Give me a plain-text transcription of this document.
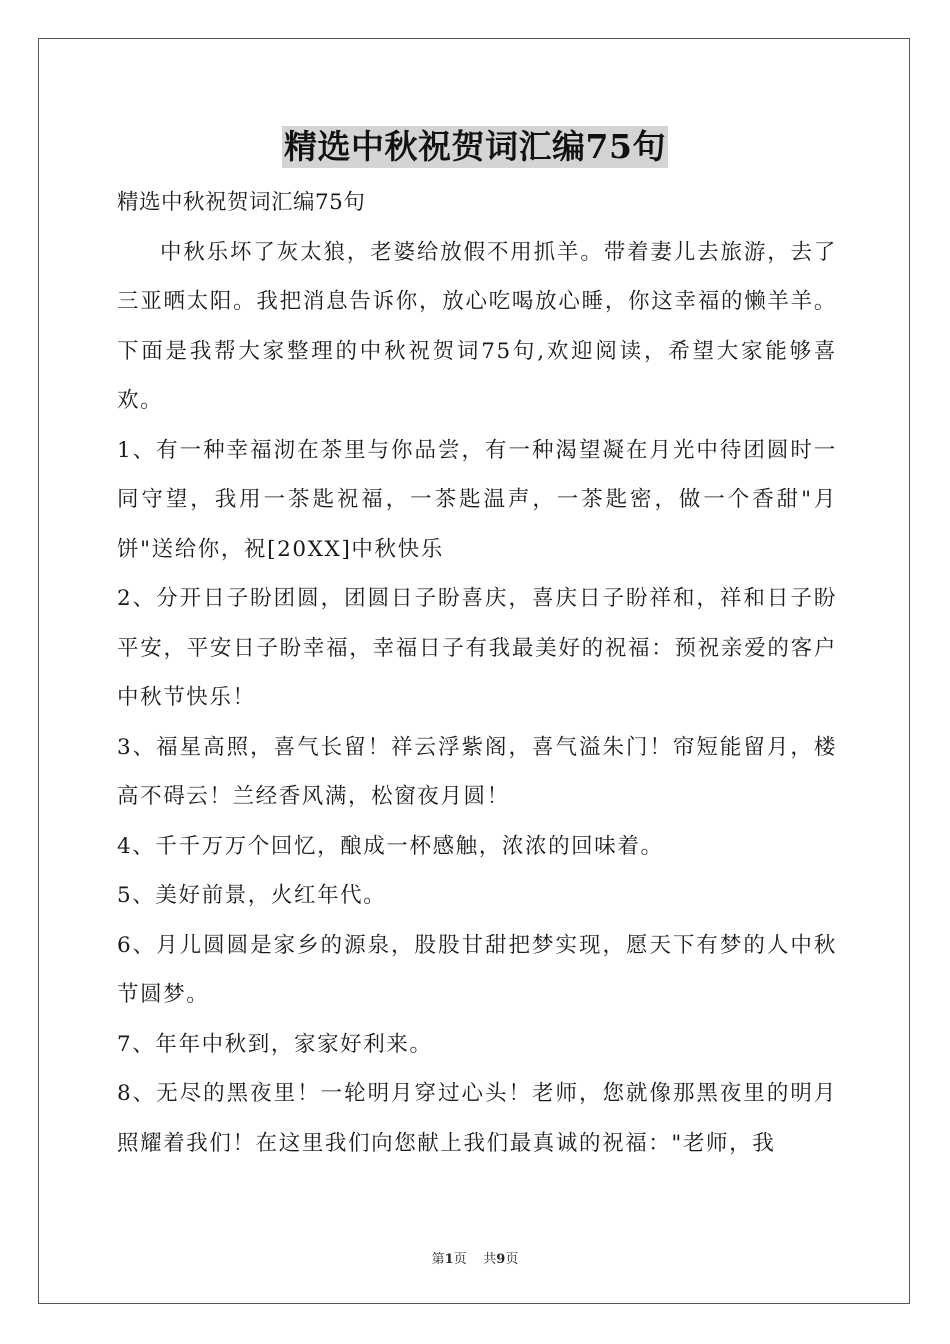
精选中秋祝贺词汇编75句

精选中秋祝贺词汇编75句

中秋乐坏了灰太狼，老婆给放假不用抓羊。带着妻儿去旅游，去了三亚晒太阳。我把消息告诉你，放心吃喝放心睡，你这幸福的懒羊羊。下面是我帮大家整理的中秋祝贺词75句,欢迎阅读，希望大家能够喜欢。

1、有一种幸福沏在茶里与你品尝，有一种渴望凝在月光中待团圆时一同守望，我用一茶匙祝福，一茶匙温声，一茶匙密，做一个香甜"月饼"送给你，祝[20XX]中秋快乐

2、分开日子盼团圆，团圆日子盼喜庆，喜庆日子盼祥和，祥和日子盼平安，平安日子盼幸福，幸福日子有我最美好的祝福：预祝亲爱的客户中秋节快乐！

3、福星高照，喜气长留！祥云浮紫阁，喜气溢朱门！帘短能留月，楼高不碍云！兰经香风满，松窗夜月圆！

4、千千万万个回忆，酿成一杯感触，浓浓的回味着。

5、美好前景，火红年代。

6、月儿圆圆是家乡的源泉，股股甘甜把梦实现，愿天下有梦的人中秋节圆梦。

7、年年中秋到，家家好利来。

8、无尽的黑夜里！一轮明月穿过心头！老师，您就像那黑夜里的明月照耀着我们！在这里我们向您献上我们最真诚的祝福："老师，我

第1页 共9页
